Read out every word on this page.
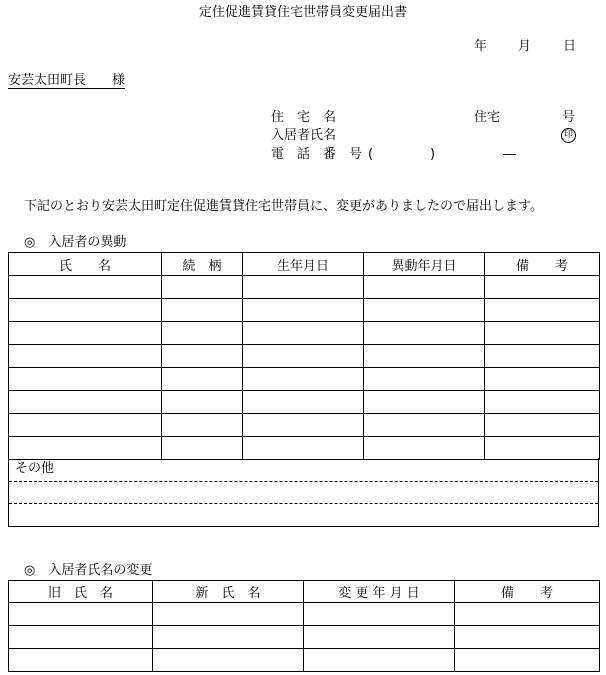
定住促進賃貸住宅世帯員変更届出書
年 月 日
安芸太田町長　　様
住　宅　名	住宅	号
入居者氏名	印
電　話　番　号 (	)	―
下記のとおり安芸太田町定住促進賃貸住宅世帯員に、変更がありましたので届出します。
◎　入居者の異動
氏　　名	続　柄	生年月日	異動年月日	備　　考

その他
◎　入居者氏名の変更
旧　氏　名	新　氏　名	変 更 年 月 日	備　　考
